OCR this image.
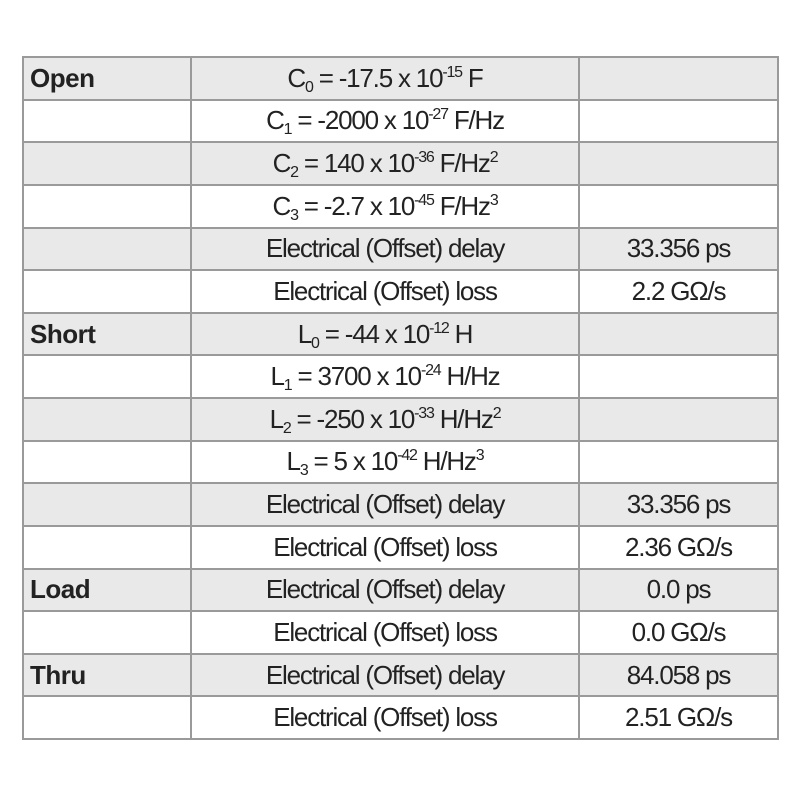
Open	$C_0 = -17.5$ x $10^{-15}$ F	
	$C_1 = -2000$ x $10^{-27}$ F/Hz	
	$C_2 = 140$ x $10^{-36}$ F/Hz$^2$	
	$C_3 = -2.7$ x $10^{-45}$ F/Hz$^3$	
	Electrical (Offset) delay	33.356 ps
	Electrical (Offset) loss	2.2 GΩ/s
Short	$L_0 = -44$ x $10^{-12}$ H	
	$L_1 = 3700$ x $10^{-24}$ H/Hz	
	$L_2 = -250$ x $10^{-33}$ H/Hz$^2$	
	$L_3 = 5$ x $10^{-42}$ H/Hz$^3$	
	Electrical (Offset) delay	33.356 ps
	Electrical (Offset) loss	2.36 GΩ/s
Load	Electrical (Offset) delay	0.0 ps
	Electrical (Offset) loss	0.0 GΩ/s
Thru	Electrical (Offset) delay	84.058 ps
	Electrical (Offset) loss	2.51 GΩ/s
